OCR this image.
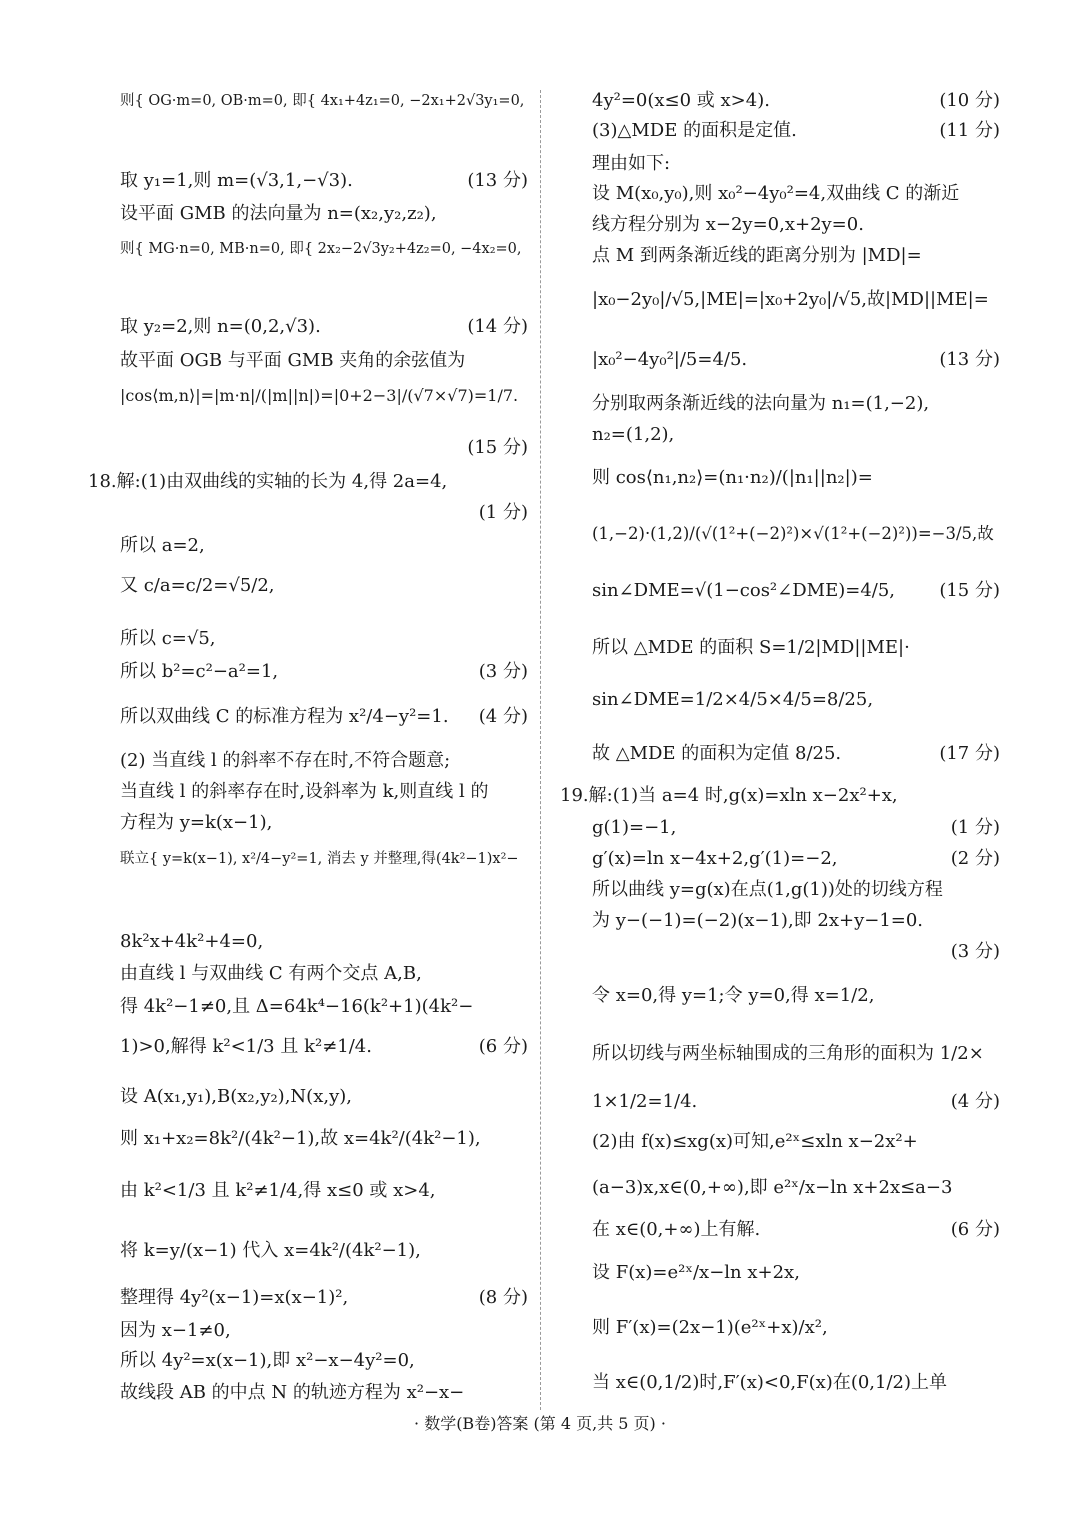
则{ OG·m=0, OB·m=0, 即{ 4x₁+4z₁=0, −2x₁+2√3y₁=0,
取 y₁=1,则 m=(√3,1,−√3).	(13 分)
设平面 GMB 的法向量为 n=(x₂,y₂,z₂),
则{ MG·n=0, MB·n=0, 即{ 2x₂−2√3y₂+4z₂=0, −4x₂=0,
取 y₂=2,则 n=(0,2,√3).	(14 分)
故平面 OGB 与平面 GMB 夹角的余弦值为
|cos⟨m,n⟩|=|m·n|/(|m||n|)=|0+2−3|/(√7×√7)=1/7.
(15 分)
18.解:(1)由双曲线的实轴的长为 4,得 2a=4,
(1 分)
所以 a=2,
又 c/a=c/2=√5/2,
所以 c=√5,
所以 b²=c²−a²=1,	(3 分)
所以双曲线 C 的标准方程为 x²/4−y²=1. (4 分)
(2) 当直线 l 的斜率不存在时,不符合题意;
当直线 l 的斜率存在时,设斜率为 k,则直线 l 的
方程为 y=k(x−1),
联立{ y=k(x−1), x²/4−y²=1, 消去 y 并整理,得(4k²−1)x²−
8k²x+4k²+4=0,
由直线 l 与双曲线 C 有两个交点 A,B,
得 4k²−1≠0,且 Δ=64k⁴−16(k²+1)(4k²−
1)>0,解得 k²<1/3 且 k²≠1/4.	(6 分)
设 A(x₁,y₁),B(x₂,y₂),N(x,y),
则 x₁+x₂=8k²/(4k²−1),故 x=4k²/(4k²−1),
由 k²<1/3 且 k²≠1/4,得 x≤0 或 x>4,
将 k=y/(x−1) 代入 x=4k²/(4k²−1),
整理得 4y²(x−1)=x(x−1)²,	(8 分)
因为 x−1≠0,
所以 4y²=x(x−1),即 x²−x−4y²=0,
故线段 AB 的中点 N 的轨迹方程为 x²−x−
4y²=0(x≤0 或 x>4).	(10 分)
(3)△MDE 的面积是定值.	(11 分)
理由如下:
设 M(x₀,y₀),则 x₀²−4y₀²=4,双曲线 C 的渐近
线方程分别为 x−2y=0,x+2y=0.
点 M 到两条渐近线的距离分别为 |MD|=
|x₀−2y₀|/√5,|ME|=|x₀+2y₀|/√5,故|MD||ME|=
|x₀²−4y₀²|/5=4/5.	(13 分)
分别取两条渐近线的法向量为 n₁=(1,−2),
n₂=(1,2),
则 cos⟨n₁,n₂⟩=(n₁·n₂)/(|n₁||n₂|)=
(1,−2)·(1,2)/(√(1²+(−2)²)×√(1²+(−2)²))=−3/5,故
sin∠DME=√(1−cos²∠DME)=4/5, (15 分)
所以 △MDE 的面积 S=1/2|MD||ME|·
sin∠DME=1/2×4/5×4/5=8/25,
故 △MDE 的面积为定值 8/25.	(17 分)
19.解:(1)当 a=4 时,g(x)=xln x−2x²+x,
g(1)=−1,	(1 分)
g′(x)=ln x−4x+2,g′(1)=−2,	(2 分)
所以曲线 y=g(x)在点(1,g(1))处的切线方程
为 y−(−1)=(−2)(x−1),即 2x+y−1=0.
(3 分)
令 x=0,得 y=1;令 y=0,得 x=1/2,
所以切线与两坐标轴围成的三角形的面积为 1/2×
1×1/2=1/4.	(4 分)
(2)由 f(x)≤xg(x)可知,e²ˣ≤xln x−2x²+
(a−3)x,x∈(0,+∞),即 e²ˣ/x−ln x+2x≤a−3
在 x∈(0,+∞)上有解.	(6 分)
设 F(x)=e²ˣ/x−ln x+2x,
则 F′(x)=(2x−1)(e²ˣ+x)/x²,
当 x∈(0,1/2)时,F′(x)<0,F(x)在(0,1/2)上单
· 数学(B卷)答案 (第 4 页,共 5 页) ·
